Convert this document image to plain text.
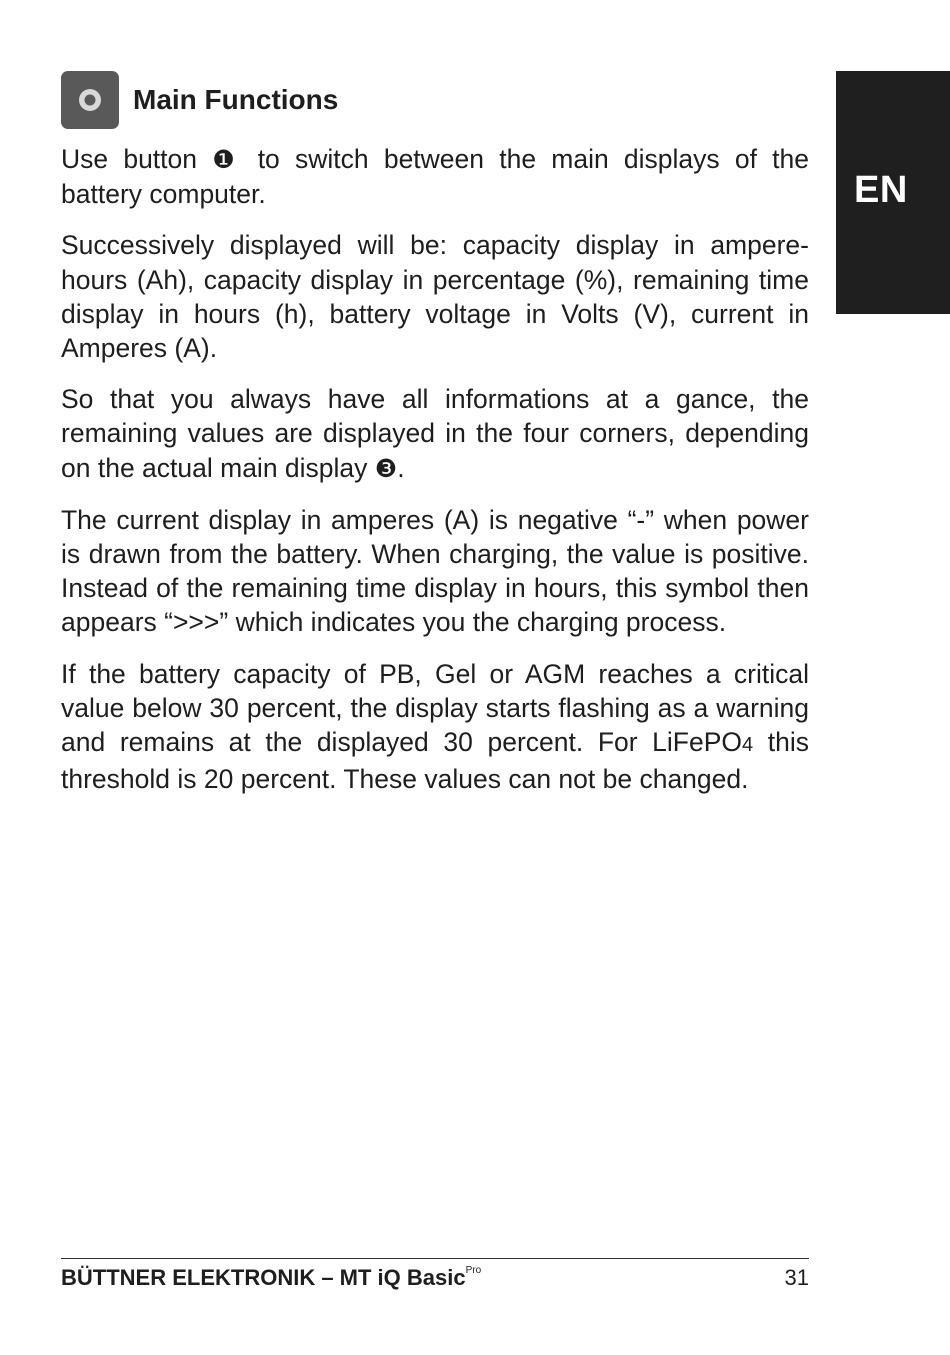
EN
Main Functions

Use button ❶ to switch between the main displays of the battery computer.

Successively displayed will be: capacity display in ampere-hours (Ah), capacity display in percentage (%), remaining time display in hours (h), battery voltage in Volts (V), current in Amperes (A).

So that you always have all informations at a gance, the remaining values are displayed in the four corners, depending on the actual main display ❸.

The current display in amperes (A) is negative “-” when power is drawn from the battery. When charging, the value is positive. Instead of the remaining time display in hours, this symbol then appears “>>>” which indicates you the charging process.

If the battery capacity of PB, Gel or AGM reaches a critical value below 30 percent, the display starts flashing as a warning and remains at the displayed 30 percent. For LiFePO4 this threshold is 20 percent. These values can not be changed.

BÜTTNER ELEKTRONIK – MT iQ Basic$^{Pro}$	31
